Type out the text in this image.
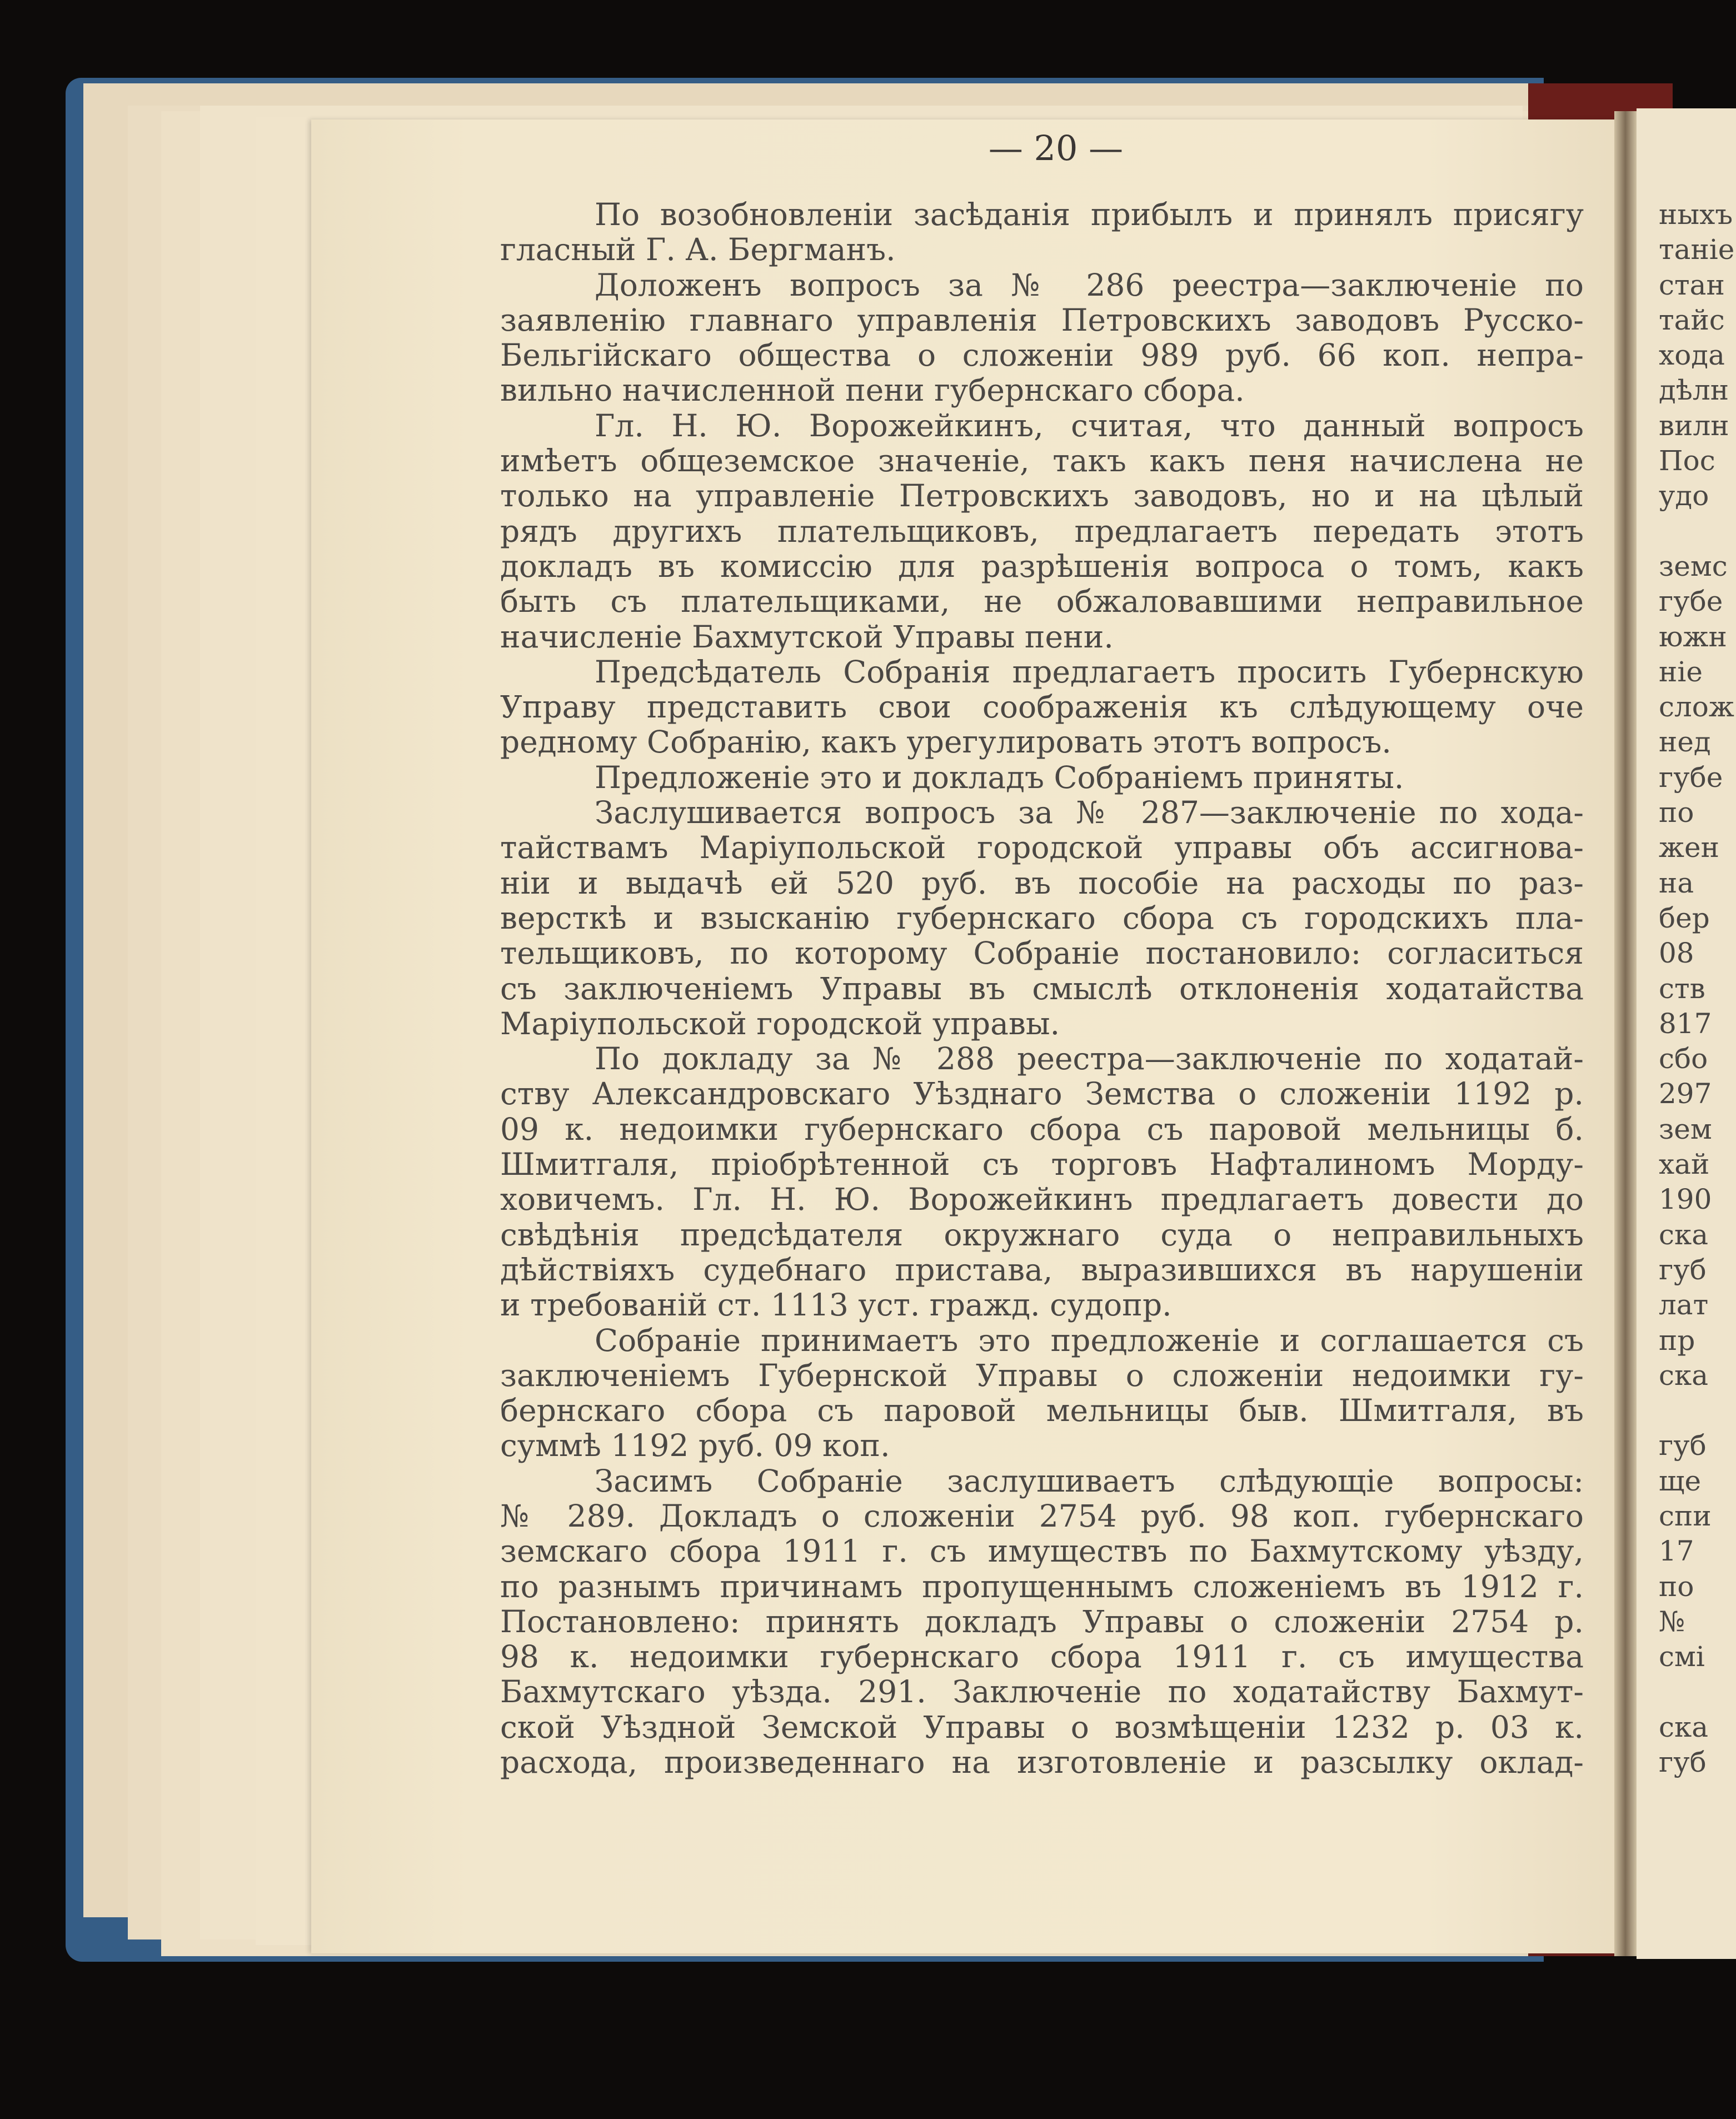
— 20 —

По возобновленіи засѣданія прибылъ и принялъ присягу

гласный Г. А. Бергманъ.

Доложенъ вопросъ за № 286 реестра—заключеніе по

заявленію главнаго управленія Петровскихъ заводовъ Русско-

Бельгійскаго общества о сложеніи 989 руб. 66 коп. непра-

вильно начисленной пени губернскаго сбора.

Гл. Н. Ю. Ворожейкинъ, считая, что данный вопросъ

имѣетъ общеземское значеніе, такъ какъ пеня начислена не

только на управленіе Петровскихъ заводовъ, но и на цѣлый

рядъ другихъ плательщиковъ, предлагаетъ передать этотъ

докладъ въ комиссію для разрѣшенія вопроса о томъ, какъ

быть съ плательщиками, не обжаловавшими неправильное

начисленіе Бахмутской Управы пени.

Предсѣдатель Собранія предлагаетъ просить Губернскую

Управу представить свои соображенія къ слѣдующему оче

редному Собранію, какъ урегулировать этотъ вопросъ.

Предложеніе это и докладъ Собраніемъ приняты.

Заслушивается вопросъ за № 287—заключеніе по хода-

тайствамъ Маріупольской городской управы объ ассигнова-

ніи и выдачѣ ей 520 руб. въ пособіе на расходы по раз-

версткѣ и взысканію губернскаго сбора съ городскихъ пла-

тельщиковъ, по которому Собраніе постановило: согласиться

съ заключеніемъ Управы въ смыслѣ отклоненія ходатайства

Маріупольской городской управы.

По докладу за № 288 реестра—заключеніе по ходатай-

ству Александровскаго Уѣзднаго Земства о сложеніи 1192 р.

09 к. недоимки губернскаго сбора съ паровой мельницы б.

Шмитгаля, пріобрѣтенной съ торговъ Нафталиномъ Морду-

ховичемъ. Гл. Н. Ю. Ворожейкинъ предлагаетъ довести до

свѣдѣнія предсѣдателя окружнаго суда о неправильныхъ

дѣйствіяхъ судебнаго пристава, выразившихся въ нарушеніи

и требованій ст. 1113 уст. гражд. судопр.

Собраніе принимаетъ это предложеніе и соглашается съ

заключеніемъ Губернской Управы о сложеніи недоимки гу-

бернскаго сбора съ паровой мельницы быв. Шмитгаля, въ

суммѣ 1192 руб. 09 коп.

Засимъ Собраніе заслушиваетъ слѣдующіе вопросы:

№ 289. Докладъ о сложеніи 2754 руб. 98 коп. губернскаго

земскаго сбора 1911 г. съ имуществъ по Бахмутскому уѣзду,

по разнымъ причинамъ пропущеннымъ сложеніемъ въ 1912 г.

Постановлено: принять докладъ Управы о сложеніи 2754 р.

98 к. недоимки губернскаго сбора 1911 г. съ имущества

Бахмутскаго уѣзда. 291. Заключеніе по ходатайству Бахмут-

ской Уѣздной Земской Управы о возмѣщеніи 1232 р. 03 к.

расхода, произведеннаго на изготовленіе и разсылку оклад-

ныхъ

таніе

стан

тайс

хода

дѣлн

вилн

Пос

удо

земс

губе

южн

ніе

слож

нед

губе

по

жен

на

бер

08

ств

817

сбо

297

зем

хай

190

ска

губ

лат

пр

ска

губ

ще

спи

17

по

№

смі

ска

губ
